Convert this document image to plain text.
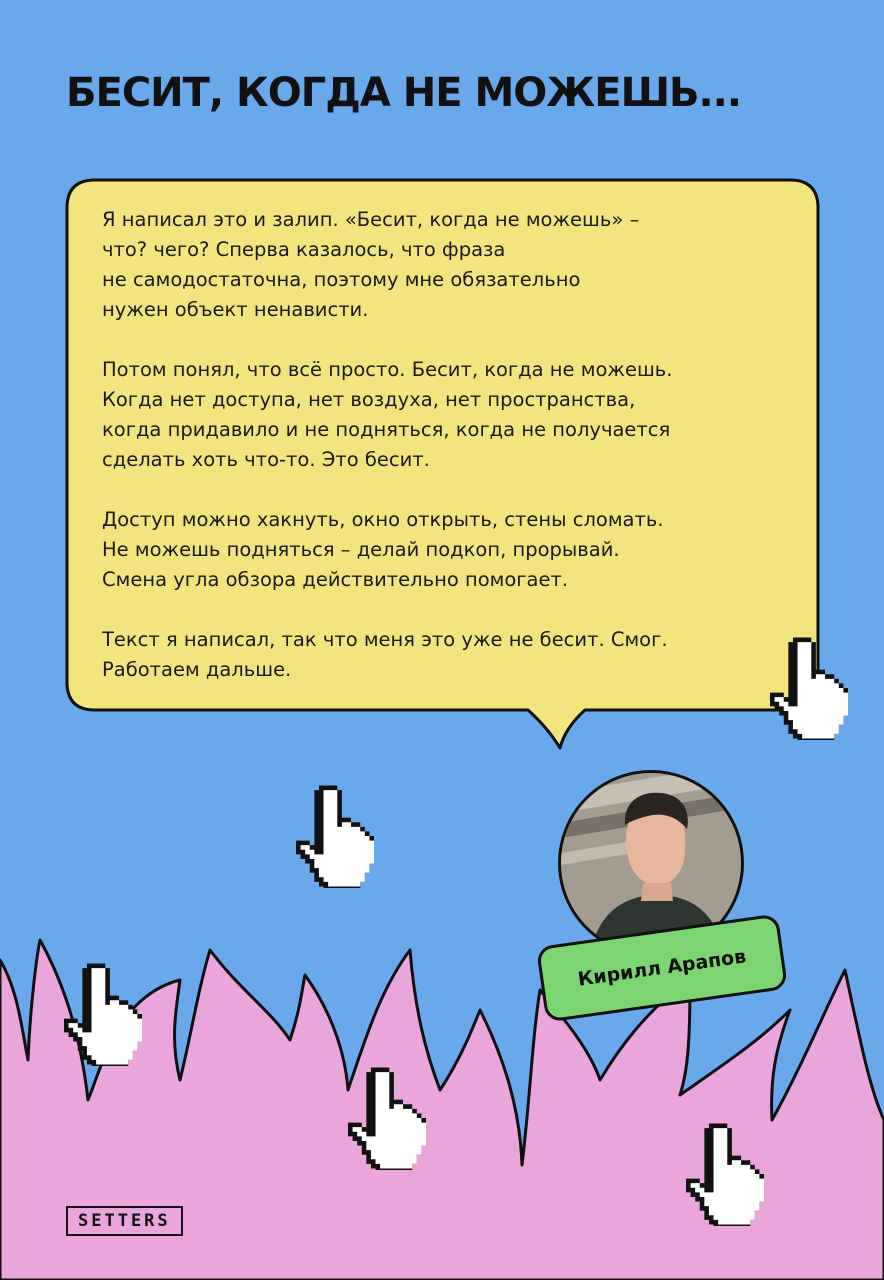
БЕСИТ, КОГДА НЕ МОЖЕШЬ...

Я написал это и залип. «Бесит, когда не можешь» –
что? чего? Сперва казалось, что фраза
не самодостаточна, поэтому мне обязательно
нужен объект ненависти.

Потом понял, что всё просто. Бесит, когда не можешь.
Когда нет доступа, нет воздуха, нет пространства,
когда придавило и не подняться, когда не получается
сделать хоть что-то. Это бесит.

Доступ можно хакнуть, окно открыть, стены сломать.
Не можешь подняться – делай подкоп, прорывай.
Смена угла обзора действительно помогает.

Текст я написал, так что меня это уже не бесит. Смог.
Работаем дальше.

Кирилл Арапов
SETTERS
